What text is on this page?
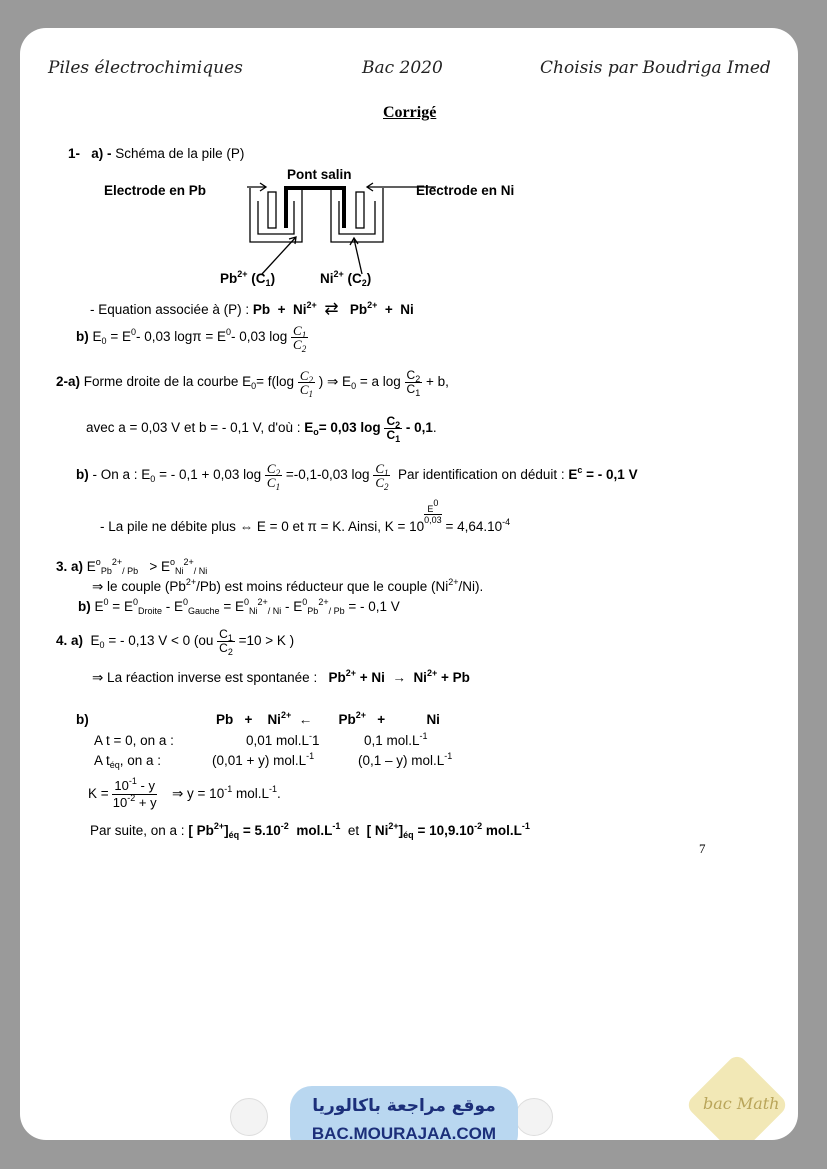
Piles électrochimiques	Bac 2020	Choisis par Boudriga Imed
Corrigé
1- a) - Schéma de la pile (P)
Pont salin
Electrode en Pb	Electrode en Ni
$Pb^{2+}$ $(C_1)$	$Ni^{2+}$ $(C_2)$
- Equation associée à (P) : $Pb + Ni^{2+}$ ⇄ $Pb^{2+} + Ni$
b) $E_0 = E^0-$ 0,03 $\log\pi = E^0-$ 0,03 $\log \frac{C_1}{C_2}$
2-a) Forme droite de la courbe $E_0= f(\log \frac{C_2}{C_1}$ ) ⇒ $E_0 = a$ $\log \frac{C_2}{C_1} + b$,
avec a = 0,03 V et b = - 0,1 V, d'où : $E_o= 0,03$ $\log \frac{C_2}{C_1} - 0,1$.
b) - On a : $E_0$ = - 0,1 + 0,03 $\log \frac{C_2}{C_1} =-0,1-0,03$ $\log \frac{C_1}{C_2}$ Par identification on déduit : $E^c$ = - 0,1 V
- La pile ne débite plus ⇔ E = 0 et π = K. Ainsi, K = 10
$\frac{E^0}{0,03}$
= $4,64.10^{-4}$
3. a) $E^o_{Pb}^{2+}_{/ Pb} > E^o_{Ni}^{2+}_{/ Ni}$
⇒ le couple $(Pb^{2+}/Pb)$ est moins réducteur que le couple $(Ni^{2+}/Ni)$.
b) $E^0 = E^0_{Droite} - E^0_{Gauche} = E^0_{Ni}^{2+}_{/ Ni} - E^0_{Pb}^{2+}_{/ Pb}$ = - 0,1 V
4. a) $E_0$ = - 0,13 V < 0 ($ou \frac{C_1}{C_2} =10 > K$ )
⇒ La réaction inverse est spontanée : $Pb^{2+} + Ni \to Ni^{2+} + Pb$
b)	$Pb + Ni^{2+}$ ← $Pb^{2+}$ +	Ni
A t = 0, on a :	0,01 mol.L-1	0,1 $mol.L^{-1}$
A $t_{éq}$, on a :	(0,01 + y) $mol.L^{-1}$	(0,1 – y) $mol.L^{-1}$
$K = \frac{10^{-1} - y}{10^{-2} + y}$ ⇒ $y = 10^{-1}$ $mol.L^{-1}$.
Par suite, on a : [ $Pb^{2+}]_{éq} = 5.10^{-2}$ $mol.L^{-1}$ et [ $Ni^{2+}]_{éq} = 10,9.10^{-2}$ $mol.L^{-1}$
7
موقع مراجعة باكالوريا
BAC.MOURAJAA.COM
bac Math
